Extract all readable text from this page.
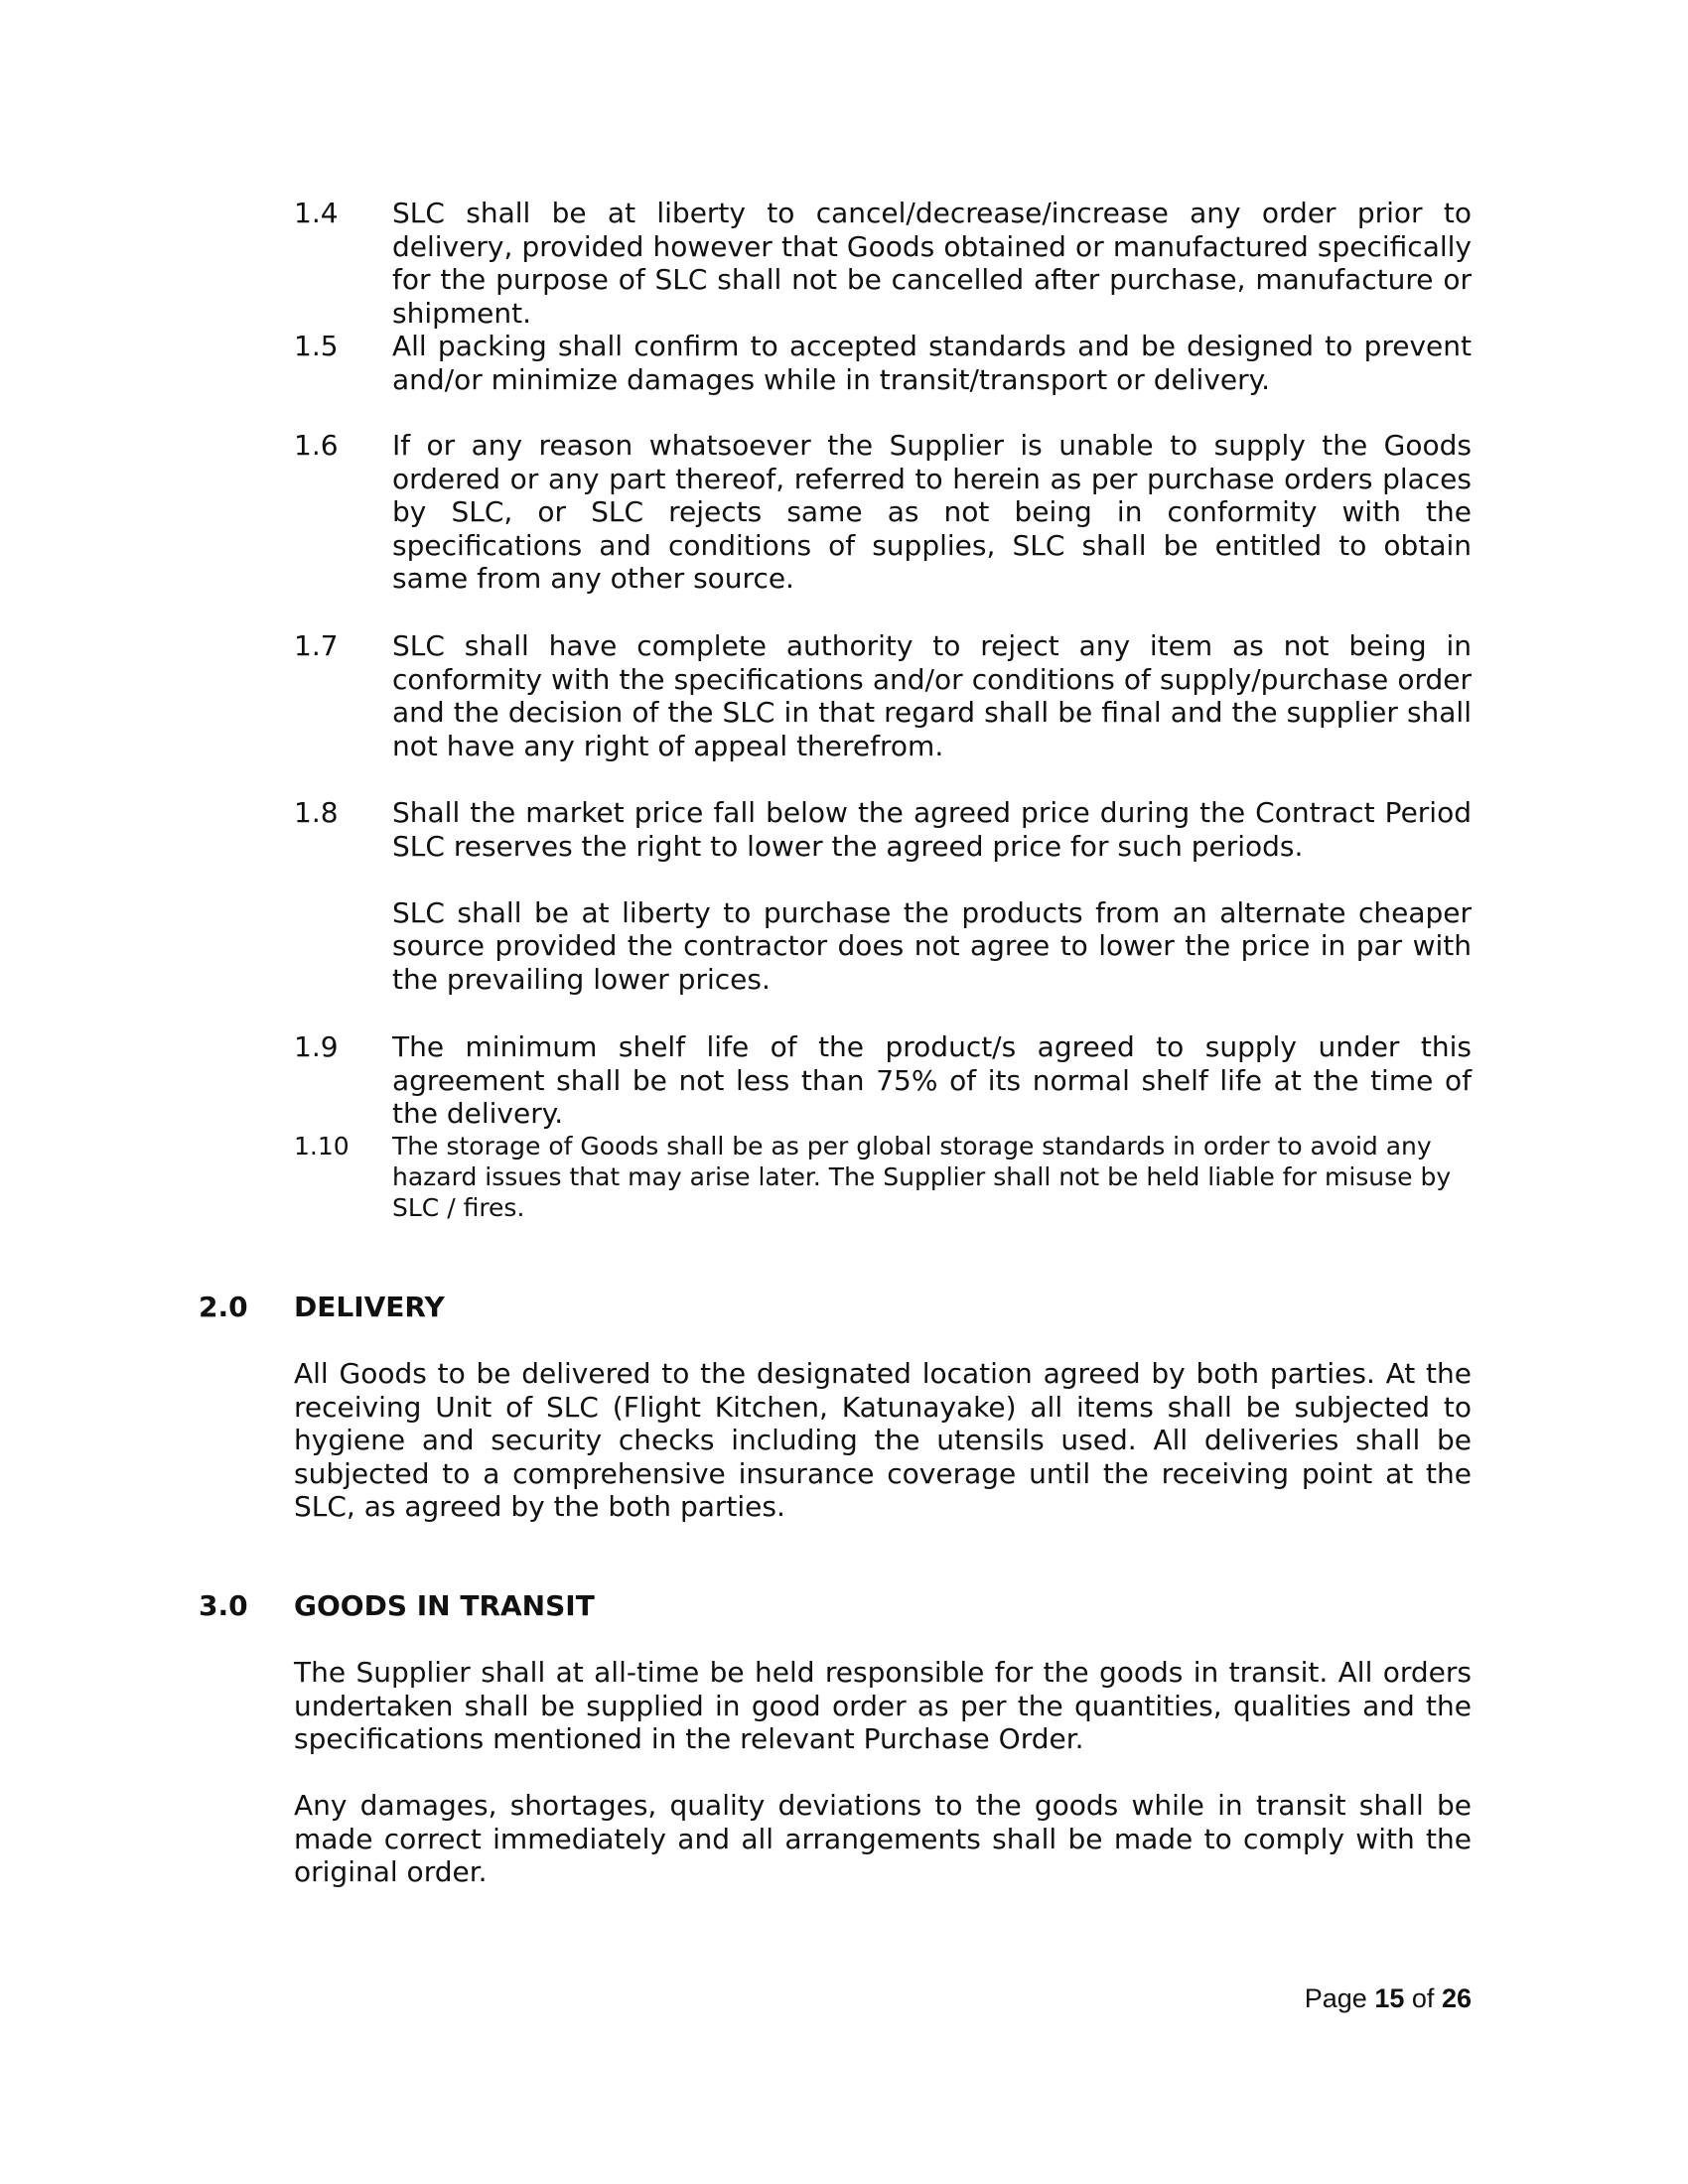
1.4 SLC shall be at liberty to cancel/decrease/increase any order prior to delivery, provided however that Goods obtained or manufactured specifically for the purpose of SLC shall not be cancelled after purchase, manufacture or shipment.

1.5 All packing shall confirm to accepted standards and be designed to prevent and/or minimize damages while in transit/transport or delivery.

1.6 If or any reason whatsoever the Supplier is unable to supply the Goods ordered or any part thereof, referred to herein as per purchase orders places by SLC, or SLC rejects same as not being in conformity with the specifications and conditions of supplies, SLC shall be entitled to obtain same from any other source.

1.7 SLC shall have complete authority to reject any item as not being in conformity with the specifications and/or conditions of supply/purchase order and the decision of the SLC in that regard shall be final and the supplier shall not have any right of appeal therefrom.

1.8 Shall the market price fall below the agreed price during the Contract Period SLC reserves the right to lower the agreed price for such periods.

SLC shall be at liberty to purchase the products from an alternate cheaper source provided the contractor does not agree to lower the price in par with the prevailing lower prices.

1.9 The minimum shelf life of the product/s agreed to supply under this agreement shall be not less than 75% of its normal shelf life at the time of the delivery.

1.10 The storage of Goods shall be as per global storage standards in order to avoid any hazard issues that may arise later. The Supplier shall not be held liable for misuse by SLC / fires.

2.0 DELIVERY

All Goods to be delivered to the designated location agreed by both parties. At the receiving Unit of SLC (Flight Kitchen, Katunayake) all items shall be subjected to hygiene and security checks including the utensils used. All deliveries shall be subjected to a comprehensive insurance coverage until the receiving point at the SLC, as agreed by the both parties.

3.0 GOODS IN TRANSIT

The Supplier shall at all-time be held responsible for the goods in transit. All orders undertaken shall be supplied in good order as per the quantities, qualities and the specifications mentioned in the relevant Purchase Order.

Any damages, shortages, quality deviations to the goods while in transit shall be made correct immediately and all arrangements shall be made to comply with the original order.

Page 15 of 26
